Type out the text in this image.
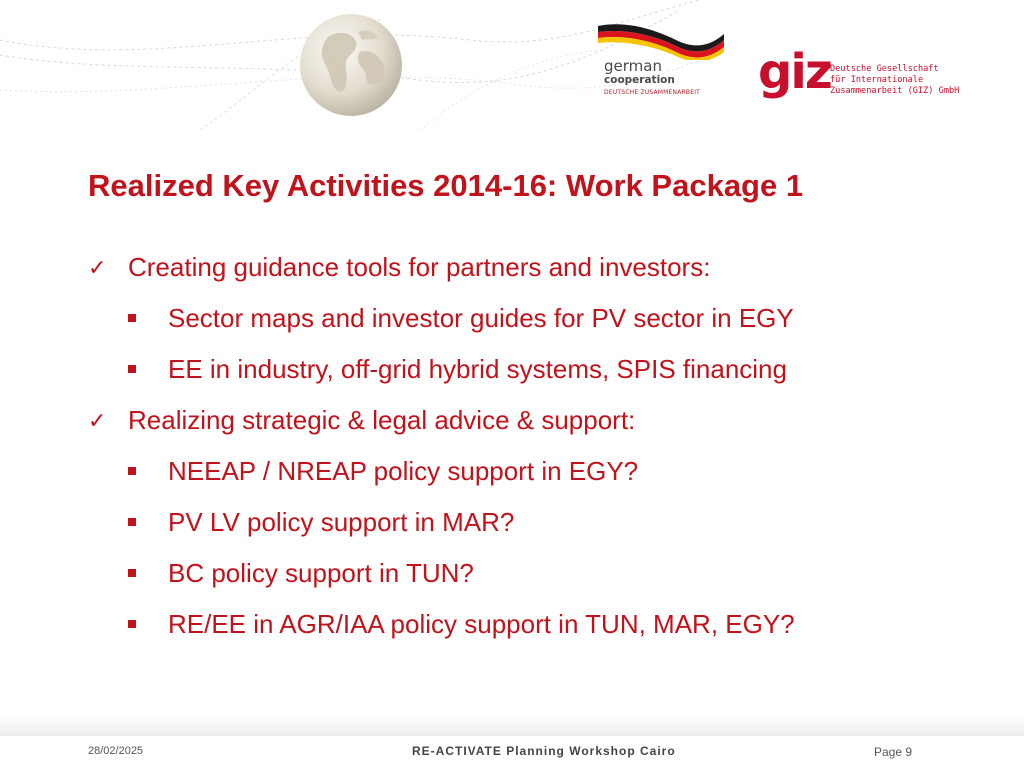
german
cooperation
DEUTSCHE ZUSAMMENARBEIT giz Deutsche Gesellschaft
für Internationale
Zusammenarbeit (GIZ) GmbH
Realized Key Activities 2014-16: Work Package 1
✓ Creating guidance tools for partners and investors:
Sector maps and investor guides for PV sector in EGY
EE in industry, off-grid hybrid systems, SPIS financing
✓ Realizing strategic & legal advice & support:
NEEAP / NREAP policy support in EGY?
PV LV policy support in MAR?
BC policy support in TUN?
RE/EE in AGR/IAA policy support in TUN, MAR, EGY?
28/02/2025	RE-ACTIVATE Planning Workshop Cairo	Page 9
